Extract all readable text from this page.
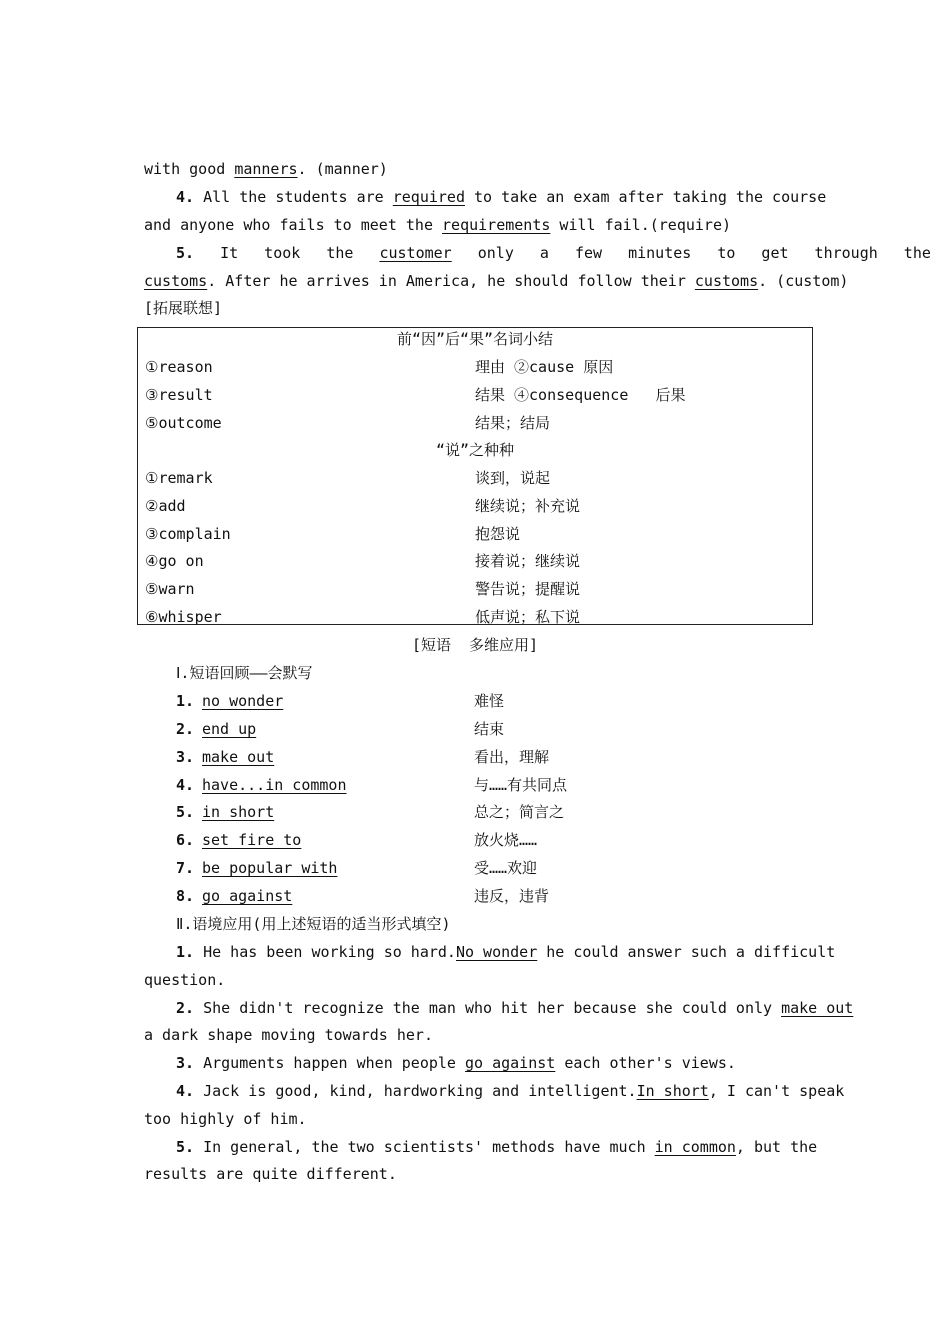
with good manners. (manner)
4. All the students are required to take an exam after taking the course
and anyone who fails to meet the requirements will fail.(require)
5. It took the customer only a few minutes to get through the
customs. After he arrives in America, he should follow their customs. (custom)
[拓展联想]
前“因”后“果”名词小结
①reason	理由 ②cause 原因
③result	结果 ④consequence   后果
⑤outcome	结果；结局
“说”之种种
①remark	谈到，说起
②add	继续说；补充说
③complain	抱怨说
④go on	接着说；继续说
⑤warn	警告说；提醒说
⑥whisper	低声说；私下说
[短语  多维应用]
Ⅰ.短语回顾——会默写
1. no wonder	难怪
2. end up	结束
3. make out	看出，理解
4. have...in common	与……有共同点
5. in short	总之；简言之
6. set fire to	放火烧……
7. be popular with	受……欢迎
8. go against	违反，违背
Ⅱ.语境应用(用上述短语的适当形式填空)
1. He has been working so hard.No wonder he could answer such a difficult
question.
2. She didn't recognize the man who hit her because she could only make out
a dark shape moving towards her.
3. Arguments happen when people go against each other's views.
4. Jack is good, kind, hardworking and intelligent.In short, I can't speak
too highly of him.
5. In general, the two scientists' methods have much in common, but the
results are quite different.
